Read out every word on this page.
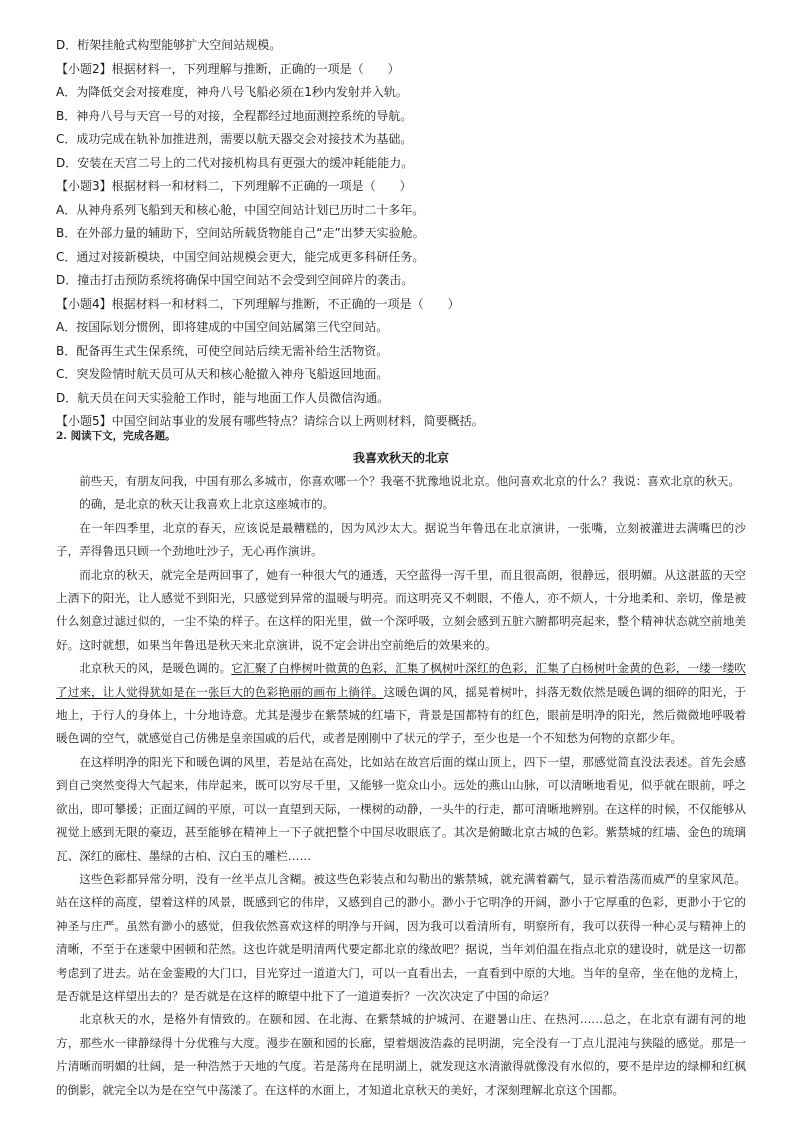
D．桁架挂舱式构型能够扩大空间站规模。
【小题2】根据材料一，下列理解与推断，正确的一项是（　　）
A．为降低交会对接难度，神舟八号飞船必须在1秒内发射并入轨。
B．神舟八号与天宫一号的对接，全程都经过地面测控系统的导航。
C．成功完成在轨补加推进剂，需要以航天器交会对接技术为基础。
D．安装在天宫二号上的二代对接机构具有更强大的缓冲耗能能力。
【小题3】根据材料一和材料二，下列理解不正确的一项是（　　）
A．从神舟系列飞船到天和核心舱，中国空间站计划已历时二十多年。
B．在外部力量的辅助下，空间站所载货物能自己“走”出梦天实验舱。
C．通过对接新模块，中国空间站规模会更大，能完成更多科研任务。
D．撞击打击预防系统将确保中国空间站不会受到空间碎片的袭击。
【小题4】根据材料一和材料二，下列理解与推断，不正确的一项是（　　）
A．按国际划分惯例，即将建成的中国空间站属第三代空间站。
B．配备再生式生保系统，可使空间站后续无需补给生活物资。
C．突发险情时航天员可从天和核心舱撤入神舟飞船返回地面。
D．航天员在问天实验舱工作时，能与地面工作人员微信沟通。
【小题5】中国空间站事业的发展有哪些特点？请综合以上两则材料，简要概括。
2. 阅读下文，完成各题。
我喜欢秋天的北京

前些天，有朋友问我，中国有那么多城市，你喜欢哪一个？我毫不犹豫地说北京。他问喜欢北京的什么？我说：喜欢北京的秋天。

的确，是北京的秋天让我喜欢上北京这座城市的。

在一年四季里，北京的春天，应该说是最糟糕的，因为风沙太大。据说当年鲁迅在北京演讲，一张嘴，立刻被灌进去满嘴巴的沙子，弄得鲁迅只顾一个劲地吐沙子，无心再作演讲。

而北京的秋天，就完全是两回事了，她有一种很大气的通透，天空蓝得一泻千里，而且很高朗，很静远，很明媚。从这湛蓝的天空上洒下的阳光，让人感觉不到阳光，只感觉到异常的温暖与明亮。而这明亮又不刺眼，不倦人，亦不烦人，十分地柔和、亲切，像是被什么刻意过滤过似的，一尘不染的样子。在这样的阳光里，做一个深呼吸，立刻会感到五脏六腑都明亮起来，整个精神状态就空前地美好。这时就想，如果当年鲁迅是秋天来北京演讲，说不定会讲出空前绝后的效果来的。

北京秋天的风，是暖色调的。它汇聚了白桦树叶微黄的色彩，汇集了枫树叶深红的色彩，汇集了白杨树叶金黄的色彩，一缕一缕吹了过来，让人觉得犹如是在一张巨大的色彩艳丽的画布上徜徉。这暖色调的风，摇晃着树叶，抖落无数依然是暖色调的细碎的阳光，于地上，于行人的身体上，十分地诗意。尤其是漫步在紫禁城的红墙下，背景是国都特有的红色，眼前是明净的阳光，然后微微地呼吸着暖色调的空气，就感觉自己仿佛是皇亲国戚的后代，或者是刚刚中了状元的学子，至少也是一个不知愁为何物的京都少年。

在这样明净的阳光下和暖色调的风里，若是站在高处，比如站在故宫后面的煤山顶上，四下一望，那感觉简直没法表述。首先会感到自己突然变得大气起来，伟岸起来，既可以穷尽千里，又能够一览众山小。远处的燕山山脉，可以清晰地看见，似乎就在眼前，呼之欲出，即可攀援；正面辽阔的平原，可以一直望到天际，一棵树的动静，一头牛的行走，都可清晰地辨别。在这样的时候，不仅能够从视觉上感到无限的豪迈，甚至能够在精神上一下子就把整个中国尽收眼底了。其次是俯瞰北京古城的色彩。紫禁城的红墙、金色的琉璃瓦、深红的廊柱、墨绿的古柏、汉白玉的雕栏……

这些色彩都异常分明，没有一丝半点儿含糊。被这些色彩装点和勾勒出的紫禁城，就充满着霸气，显示着浩荡而威严的皇家风范。站在这样的高度，望着这样的风景，既感到它的伟岸，又感到自己的渺小。渺小于它明净的开阔，渺小于它厚重的色彩，更渺小于它的神圣与庄严。虽然有渺小的感觉，但我依然喜欢这样的明净与开阔，因为我可以看清所有，明察所有，我可以获得一种心灵与精神上的清晰，不至于在迷蒙中困顿和茫然。这也许就是明清两代要定都北京的缘故吧？据说，当年刘伯温在指点北京的建设时，就是这一切都考虑到了进去。站在金銮殿的大门口，目光穿过一道道大门，可以一直看出去，一直看到中原的大地。当年的皇帝，坐在他的龙椅上，是否就是这样望出去的？是否就是在这样的瞭望中批下了一道道奏折？一次次决定了中国的命运？

北京秋天的水，是格外有情致的。在颐和园、在北海、在紫禁城的护城河、在避暑山庄、在热河……总之，在北京有湖有河的地方，那些水一律静绿得十分优雅与大度。漫步在颐和园的长廊，望着烟波浩淼的昆明湖，完全没有一丁点儿混沌与狭隘的感觉。那是一片清晰而明媚的壮阔，是一种浩然于天地的气度。若是荡舟在昆明湖上，就发现这水清澈得就像没有水似的，要不是岸边的绿柳和红枫的倒影，就完全以为是在空气中荡漾了。在这样的水面上，才知道北京秋天的美好，才深刻理解北京这个国都。
